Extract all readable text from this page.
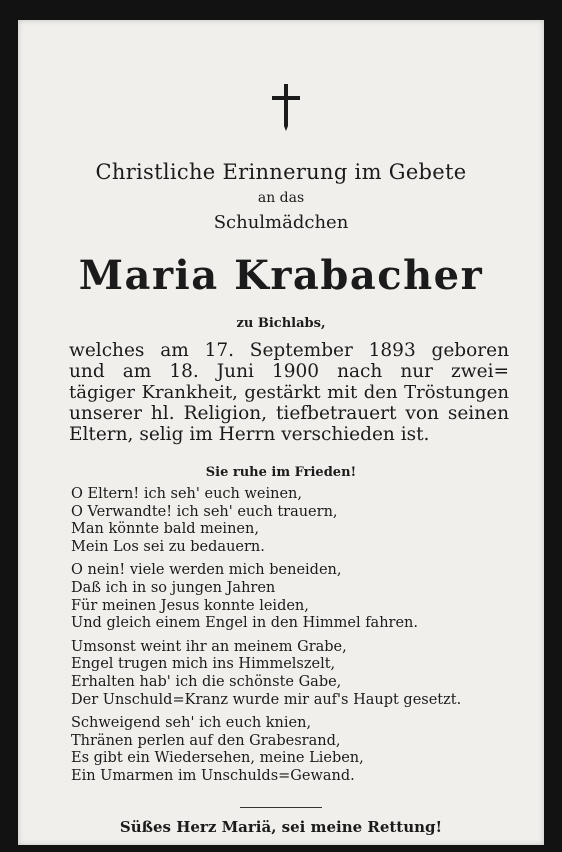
Christliche Erinnerung im Gebete
an das
Schulmädchen
Maria Krabacher
zu Bichlabs,
welches am 17. September 1893 geboren
und am 18. Juni 1900 nach nur zwei=
tägiger Krankheit, gestärkt mit den Tröstungen
unserer hl. Religion, tiefbetrauert von seinen
Eltern, selig im Herrn verschieden ist.
Sie ruhe im Frieden!
O Eltern! ich seh' euch weinen,
O Verwandte! ich seh' euch trauern,
Man könnte bald meinen,
Mein Los sei zu bedauern.
O nein! viele werden mich beneiden,
Daß ich in so jungen Jahren
Für meinen Jesus konnte leiden,
Und gleich einem Engel in den Himmel fahren.
Umsonst weint ihr an meinem Grabe,
Engel trugen mich ins Himmelszelt,
Erhalten hab' ich die schönste Gabe,
Der Unschuld=Kranz wurde mir auf's Haupt gesetzt.
Schweigend seh' ich euch knien,
Thränen perlen auf den Grabesrand,
Es gibt ein Wiedersehen, meine Lieben,
Ein Umarmen im Unschulds=Gewand.
Süßes Herz Mariä, sei meine Rettung!
